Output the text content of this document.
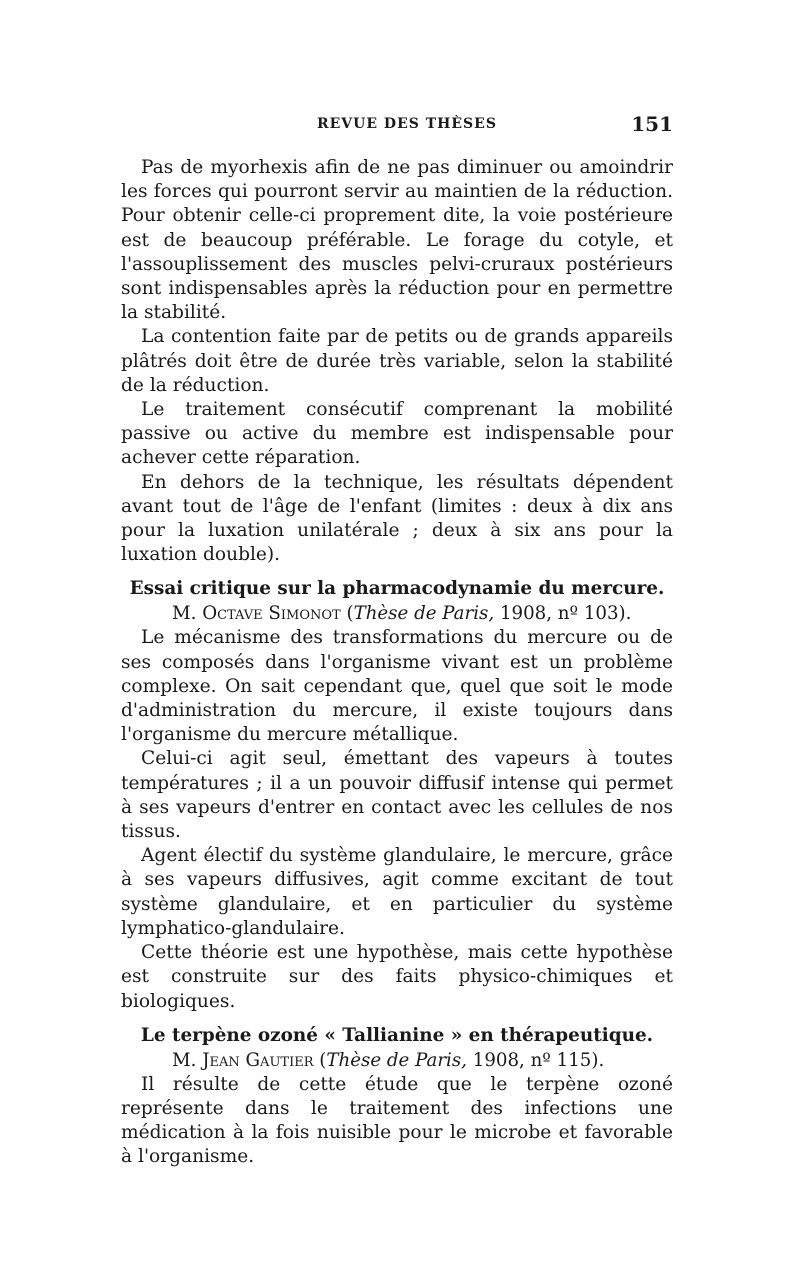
REVUE DES THÈSES	151

Pas de myorhexis afin de ne pas diminuer ou amoindrir les forces qui pourront servir au maintien de la réduction. Pour obtenir celle-ci proprement dite, la voie postérieure est de beaucoup préférable. Le forage du cotyle, et l'assouplissement des muscles pelvi-cruraux postérieurs sont indispensables après la réduction pour en permettre la stabilité.

La contention faite par de petits ou de grands appareils plâtrés doit être de durée très variable, selon la stabilité de la réduction.

Le traitement consécutif comprenant la mobilité passive ou active du membre est indispensable pour achever cette réparation.

En dehors de la technique, les résultats dépendent avant tout de l'âge de l'enfant (limites : deux à dix ans pour la luxation unilatérale ; deux à six ans pour la luxation double).

Essai critique sur la pharmacodynamie du mercure.

M. Octave Simonot (Thèse de Paris, 1908, nº 103).

Le mécanisme des transformations du mercure ou de ses composés dans l'organisme vivant est un problème complexe. On sait cependant que, quel que soit le mode d'administration du mercure, il existe toujours dans l'organisme du mercure métallique.

Celui-ci agit seul, émettant des vapeurs à toutes températures ; il a un pouvoir diffusif intense qui permet à ses vapeurs d'entrer en contact avec les cellules de nos tissus.

Agent électif du système glandulaire, le mercure, grâce à ses vapeurs diffusives, agit comme excitant de tout système glandulaire, et en particulier du système lymphatico-glandulaire.

Cette théorie est une hypothèse, mais cette hypothèse est construite sur des faits physico-chimiques et biologiques.

Le terpène ozoné « Tallianine » en thérapeutique.

M. Jean Gautier (Thèse de Paris, 1908, nº 115).

Il résulte de cette étude que le terpène ozoné représente dans le traitement des infections une médication à la fois nuisible pour le microbe et favorable à l'organisme.
